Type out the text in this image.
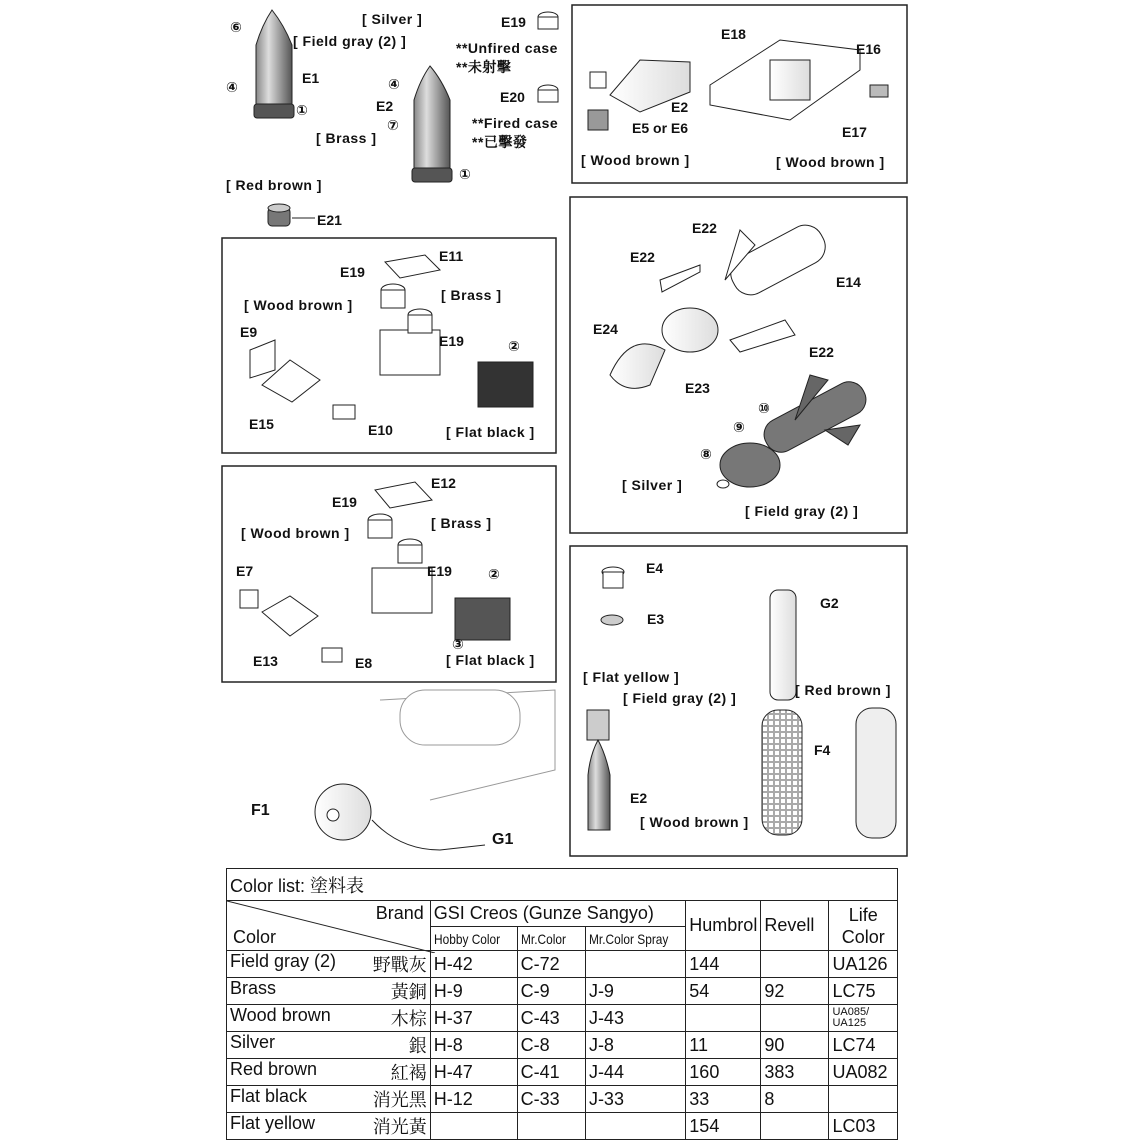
[ Silver ]
[ Field gray (2) ]
[ Brass ]
[ Red brown ]
**Unfired case
**未射擊
**Fired case
**已擊發
E1
E2
E19
E20
E21
⑥
④
①
④
⑦
①
E18
E16
E2
E5 or E6	E17
[ Wood brown ]	[ Wood brown ]
E11
E19
[ Brass ]
[ Wood brown ]
E9
E19	②
E15	E10	[ Flat black ]
E12
E19
[ Brass ]
[ Wood brown ]
E7	E19	②
③
E13	E8	[ Flat black ]
E22
E22
E14
E24
E22
E23
⑩
⑨
⑧
[ Silver ]
[ Field gray (2) ]
E4
G2
E3
[ Flat yellow ]
[ Red brown ]
[ Field gray (2) ]
F4
E2
[ Wood brown ]
F1
G1
Color list: 塗料表						

Brand
Color	GSI Creos (Gunze Sangyo)			Humbrol	Revell	Life
Color
	Hobby Color	Mr.Color	Mr.Color Spray			
Field gray (2) 野戰灰	H-42	C-72		144		UA126
Brass 黃銅	H-9	C-9	J-9	54	92	LC75
Wood brown 木棕	H-37	C-43	J-43			UA085/
UA125
Silver 銀	H-8	C-8	J-8	11	90	LC74
Red brown 紅褐	H-47	C-41	J-44	160	383	UA082
Flat black 消光黑	H-12	C-33	J-33	33	8	
Flat yellow 消光黃				154		LC03
